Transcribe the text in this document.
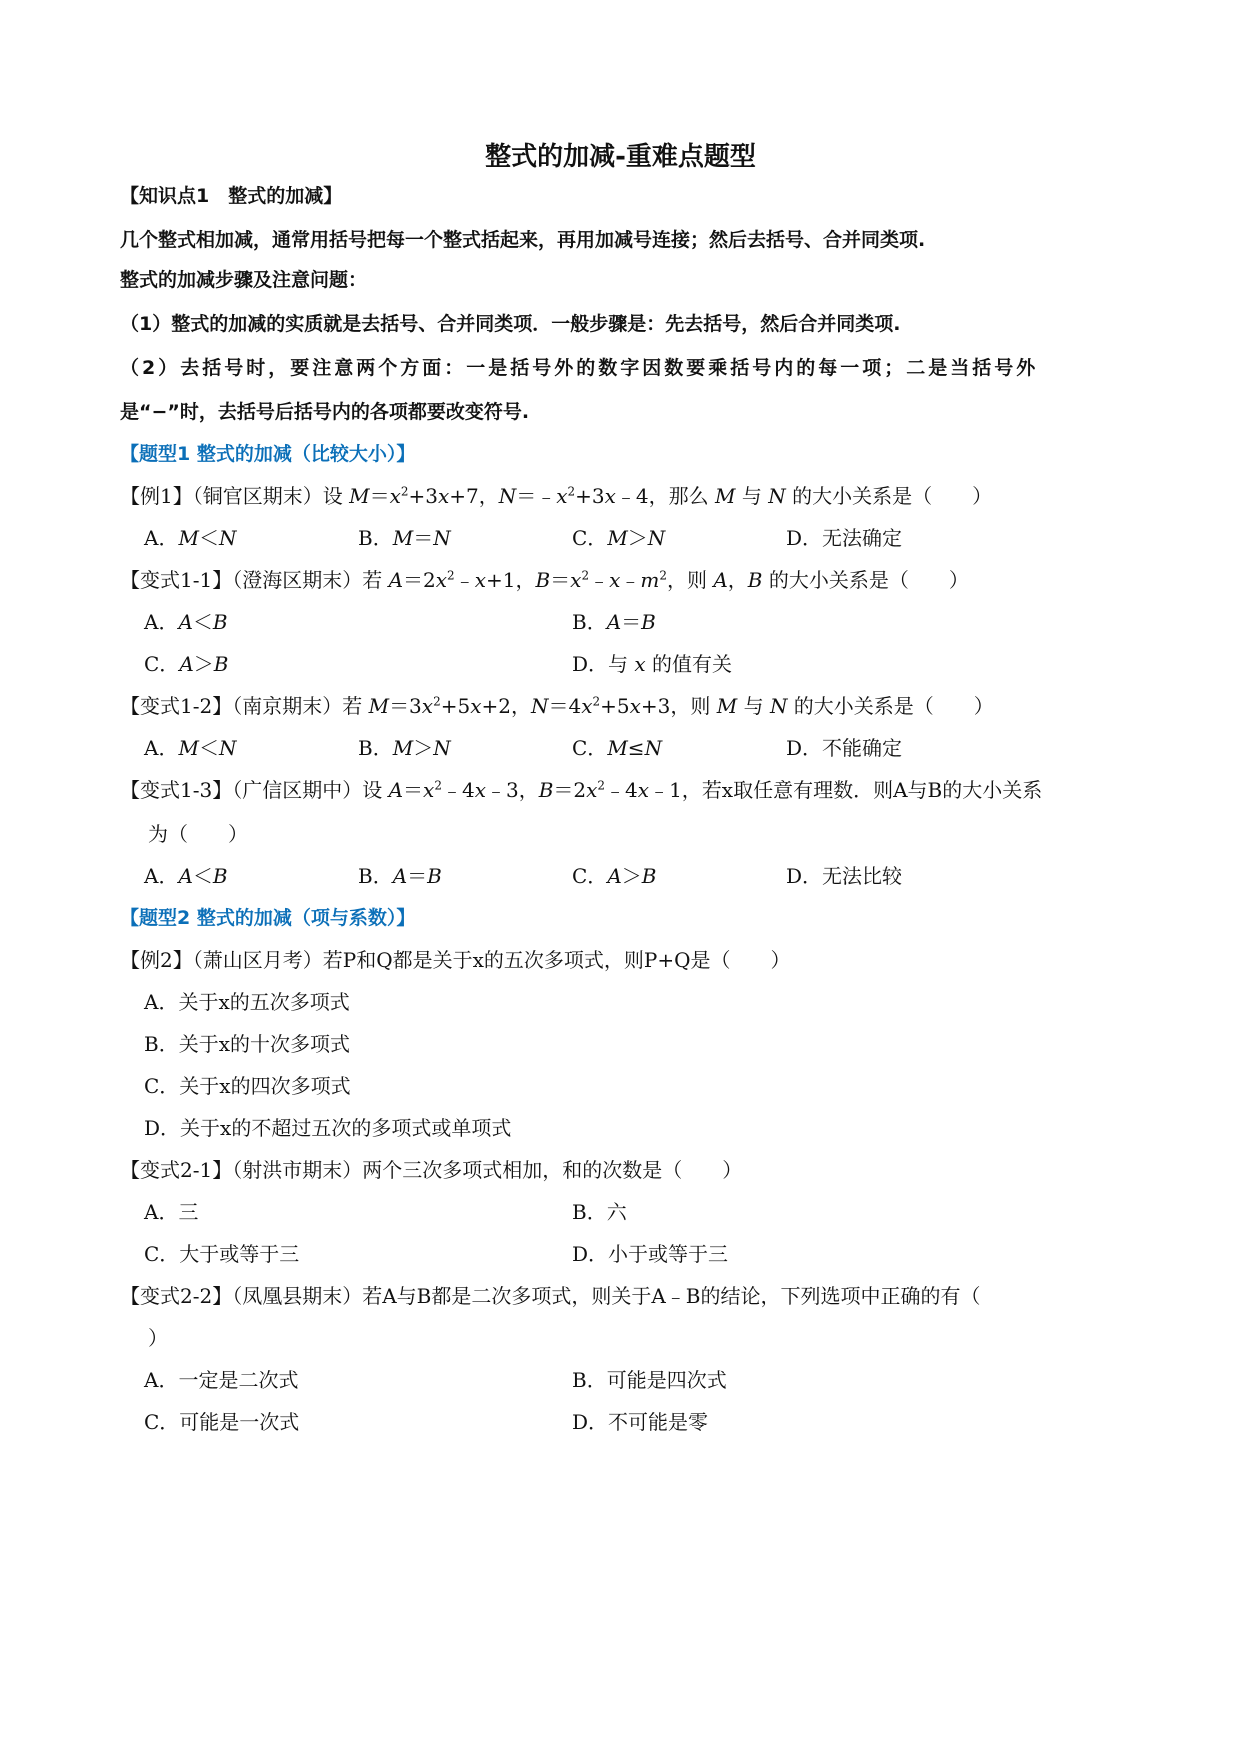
整式的加减-重难点题型
【知识点1　整式的加减】
几个整式相加减，通常用括号把每一个整式括起来，再用加减号连接；然后去括号、合并同类项.
整式的加减步骤及注意问题：
（1）整式的加减的实质就是去括号、合并同类项．一般步骤是：先去括号，然后合并同类项.
（2）去括号时，要注意两个方面：一是括号外的数字因数要乘括号内的每一项；二是当括号外
是“−”时，去括号后括号内的各项都要改变符号.
【题型1 整式的加减（比较大小）】
【例1】（铜官区期末）设 $M=x^2+3x+7$，$N=﹣x^2+3x﹣4$，那么 M 与 N 的大小关系是（　　）
A．M＜N	B．M＝N	C．M＞N	D．无法确定
【变式1-1】（澄海区期末）若 $A=2x^2﹣x+1$，$B=x^2﹣x﹣m^2$，则 A，B 的大小关系是（　　）
A．A＜B	B．A＝B
C．A＞B	D．与 x 的值有关
【变式1-2】（南京期末）若 $M=3x^2+5x+2$，$N=4x^2+5x+3$，则 M 与 N 的大小关系是（　　）
A．M＜N	B．M＞N	C．M≤N	D．不能确定
【变式1-3】（广信区期中）设 $A=x^2﹣4x﹣3$，$B=2x^2﹣4x﹣1$，若x取任意有理数．则A与B的大小关系
为（　　）
A．A＜B	B．A＝B	C．A＞B	D．无法比较
【题型2 整式的加减（项与系数）】
【例2】（萧山区月考）若P和Q都是关于x的五次多项式，则P+Q是（　　）
A．关于x的五次多项式
B．关于x的十次多项式
C．关于x的四次多项式
D．关于x的不超过五次的多项式或单项式
【变式2-1】（射洪市期末）两个三次多项式相加，和的次数是（　　）
A．三	B．六
C．大于或等于三	D．小于或等于三
【变式2-2】（凤凰县期末）若A与B都是二次多项式，则关于A﹣B的结论，下列选项中正确的有（
）
A．一定是二次式	B．可能是四次式
C．可能是一次式	D．不可能是零
